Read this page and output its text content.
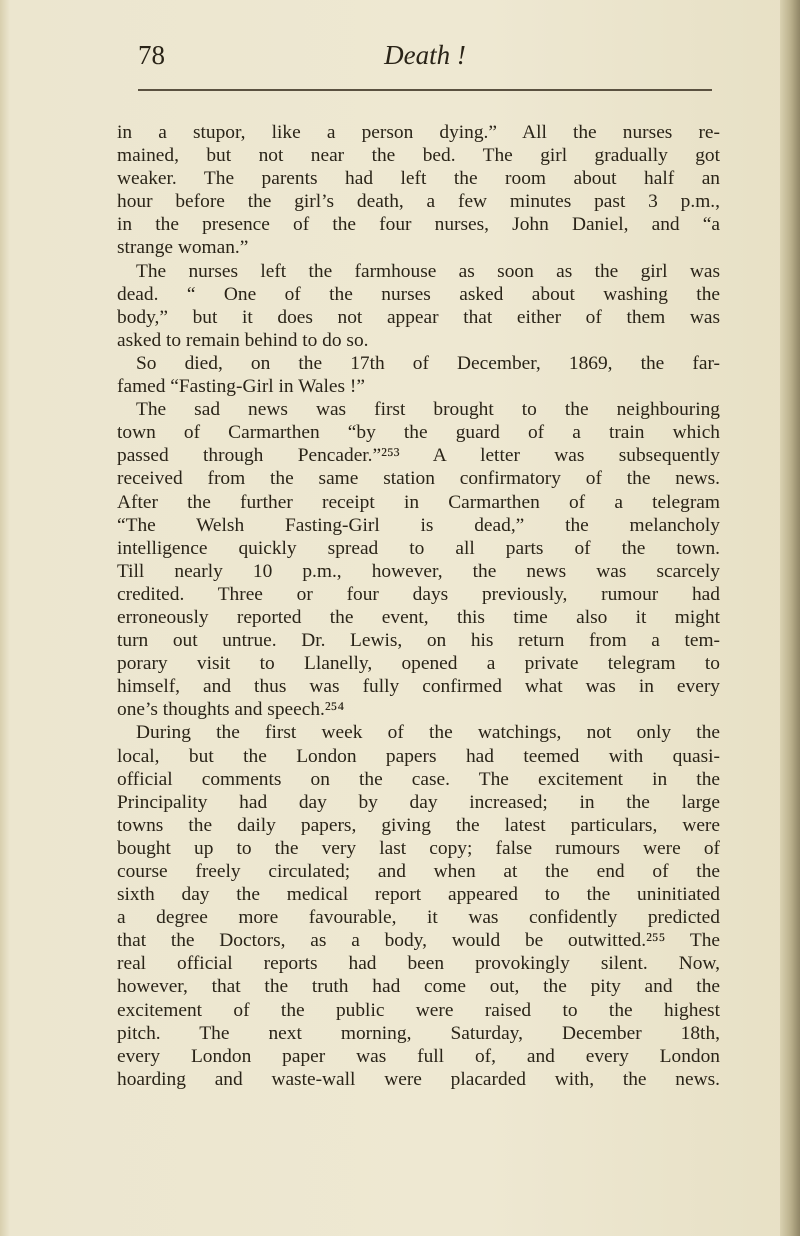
78	Death !
in a stupor, like a person dying.” All the nurses re-
mained, but not near the bed. The girl gradually got
weaker. The parents had left the room about half an
hour before the girl’s death, a few minutes past 3 p.m.,
in the presence of the four nurses, John Daniel, and “a
strange woman.”
The nurses left the farmhouse as soon as the girl was
dead. “ One of the nurses asked about washing the
body,” but it does not appear that either of them was
asked to remain behind to do so.
So died, on the 17th of December, 1869, the far-
famed “Fasting-Girl in Wales !”
The sad news was first brought to the neighbouring
town of Carmarthen “by the guard of a train which
passed through Pencader.”²⁵³ A letter was subsequently
received from the same station confirmatory of the news.
After the further receipt in Carmarthen of a telegram
“The Welsh Fasting-Girl is dead,” the melancholy
intelligence quickly spread to all parts of the town.
Till nearly 10 p.m., however, the news was scarcely
credited. Three or four days previously, rumour had
erroneously reported the event, this time also it might
turn out untrue. Dr. Lewis, on his return from a tem-
porary visit to Llanelly, opened a private telegram to
himself, and thus was fully confirmed what was in every
one’s thoughts and speech.²⁵⁴
During the first week of the watchings, not only the
local, but the London papers had teemed with quasi-
official comments on the case. The excitement in the
Principality had day by day increased; in the large
towns the daily papers, giving the latest particulars, were
bought up to the very last copy; false rumours were of
course freely circulated; and when at the end of the
sixth day the medical report appeared to the uninitiated
a degree more favourable, it was confidently predicted
that the Doctors, as a body, would be outwitted.²⁵⁵ The
real official reports had been provokingly silent. Now,
however, that the truth had come out, the pity and the
excitement of the public were raised to the highest
pitch. The next morning, Saturday, December 18th,
every London paper was full of, and every London
hoarding and waste-wall were placarded with, the news.
